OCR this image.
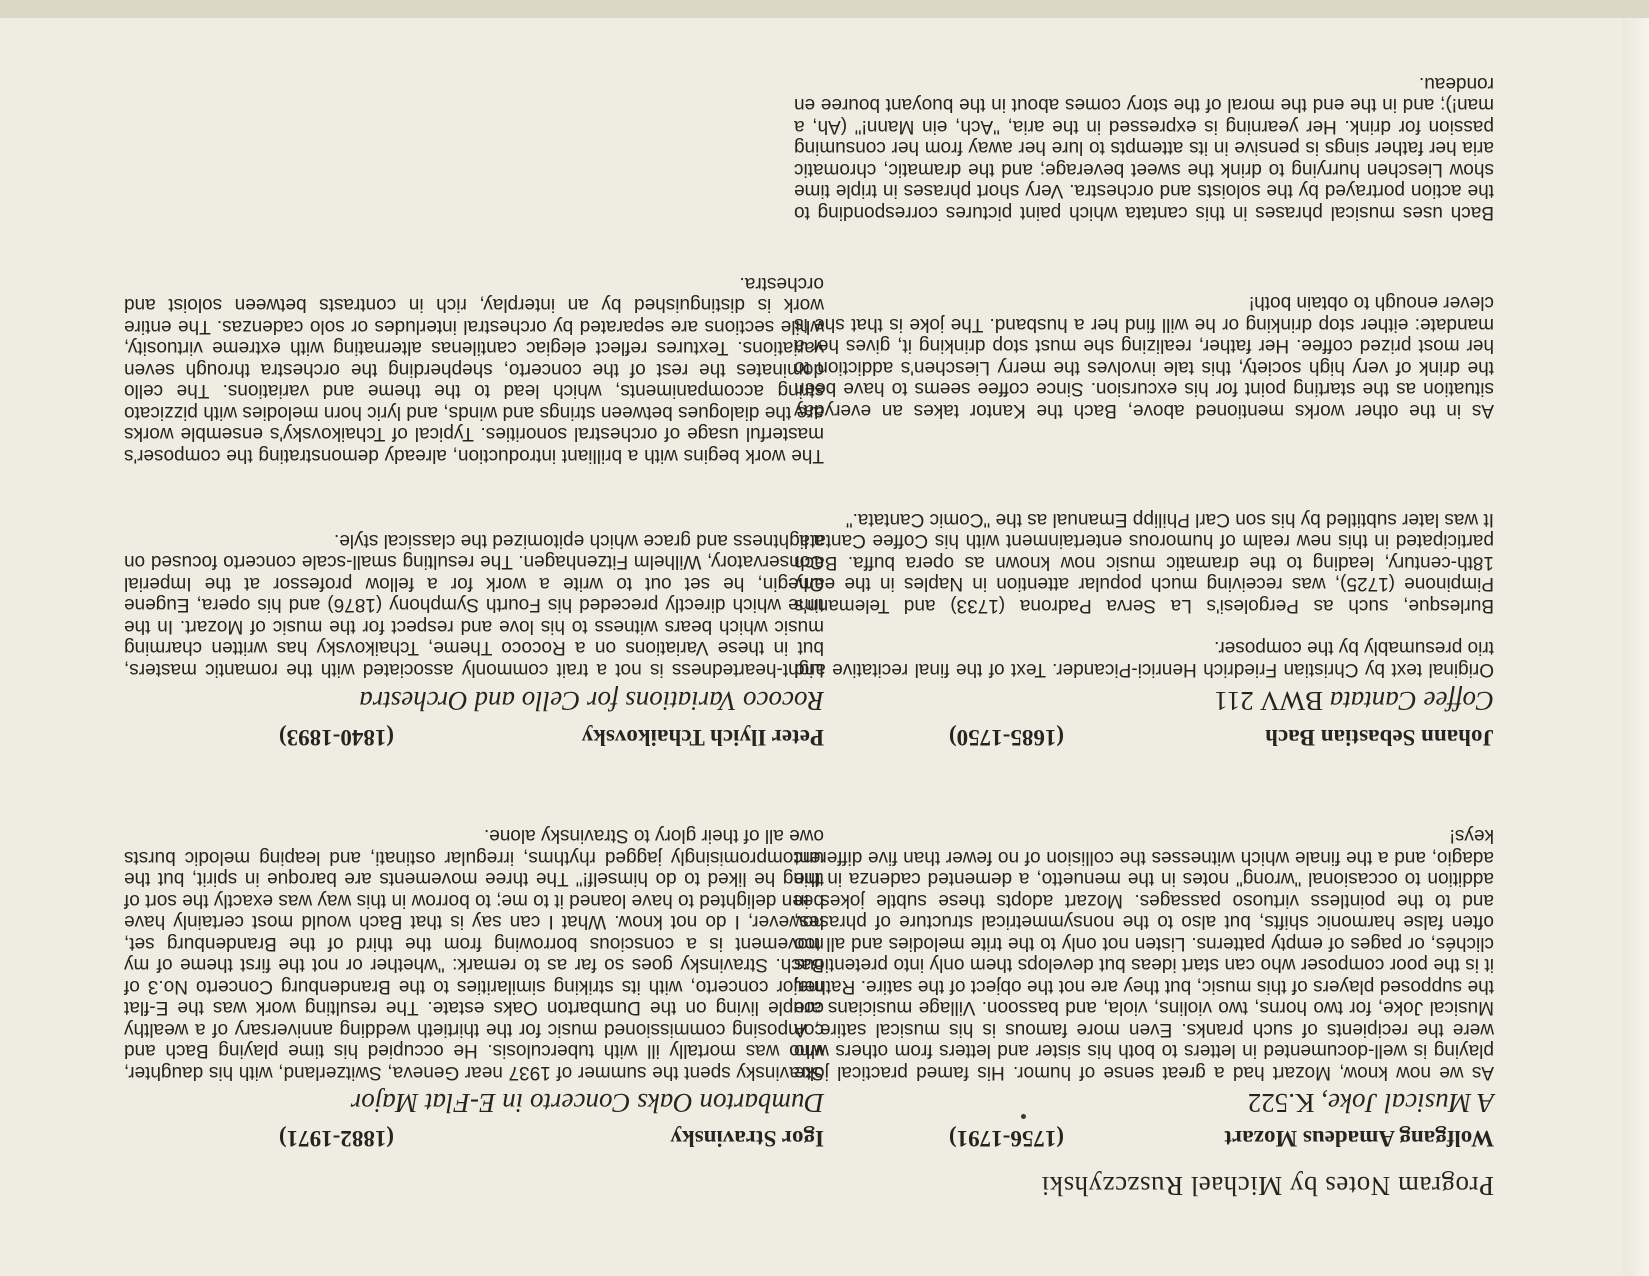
Program Notes by Michael Ruszczyhski
Wolfgang Amadeus Mozart
(1756-1791)
A Musical Joke, K.522

As we now know, Mozart had a great sense of humor. His famed practical joke playing is well-documented in letters to both his sister and letters from others who were the recipients of such pranks. Even more famous is his musical satire, A Musical Joke, for two horns, two violins, viola, and bassoon. Village musicians are the supposed players of this music, but they are not the object of the satire. Rather, it is the poor composer who can start ideas but develops them only into pretentious clichés, or pages of empty patterns. Listen not only to the trite melodies and all too often false harmonic shifts, but also to the nonsymmetrical structure of phrases, and to the pointless virtuoso passages. Mozart adopts these subtle jokes in addition to occasional "wrong" notes in the menuetto, a demented cadenza in the adagio, and a the finale which witnesses the collision of no fewer than five different keys!

Johann Sebastian Bach
(1685-1750)
Coffee Cantata BWV 211

Original text by Christian Friedrich Henrici-Picander. Text of the final recitative and trio presumably by the composer.

Burlesque, such as Pergolesi's La Serva Padrona (1733) and Telemann's Pimpinone (1725), was receiving much popular attention in Naples in the early 18th-century, leading to the dramatic music now known as opera buffa. Bach participated in this new realm of humorous entertainment with his Coffee Cantata. It was later subtitled by his son Carl Philipp Emanual as the "Comic Cantata."

As in the other works mentioned above, Bach the Kantor takes an everyday situation as the starting point for his excursion. Since coffee seems to have been the drink of very high society, this tale involves the merry Lieschen's addiction to her most prized coffee. Her father, realizing she must stop drinking it, gives her a mandate: either stop drinking or he will find her a husband. The joke is that she is clever enough to obtain both!

Bach uses musical phrases in this cantata which paint pictures corresponding to the action portrayed by the soloists and orchestra. Very short phrases in triple time show Lieschen hurrying to drink the sweet beverage; and the dramatic, chromatic aria her father sings is pensive in its attempts to lure her away from her consuming passion for drink. Her yearning is expressed in the aria, "Ach, ein Mann!" (Ah, a man!); and in the end the moral of the story comes about in the buoyant bouree en rondeau.

Igor Stravinsky
(1882-1971)
Dumbarton Oaks Concerto in E-Flat Major

Stravinsky spent the summer of 1937 near Geneva, Switzerland, with his daughter, who was mortally ill with tuberculosis. He occupied his time playing Bach and composing commissioned music for the thirtieth wedding anniversary of a wealthy couple living on the Dumbarton Oaks estate. The resulting work was the E-flat major concerto, with its striking similarities to the Brandenburg Concerto No.3 of Bach. Stravinsky goes so far as to remark: "whether or not the first theme of my movement is a conscious borrowing from the third of the Brandenburg set, however, I do not know. What I can say is that Bach would most certainly have been delighted to have loaned it to me; to borrow in this way was exactly the sort of thing he liked to do himself!" The three movements are baroque in spirit, but the uncompromisingly jagged rhythms, irregular ostinati, and leaping melodic bursts owe all of their glory to Stravinsky alone.

Peter Ilyich Tchaikovsky
(1840-1893)
Rococo Variations for Cello and Orchestra

Light-heartedness is not a trait commonly associated with the romantic masters, but in these Variations on a Rococo Theme, Tchaikovsky has written charming music which bears witness to his love and respect for the music of Mozart. In the time which directly preceded his Fourth Symphony (1876) and his opera, Eugene Onegin, he set out to write a work for a fellow professor at the Imperial Conservatory, Wilhelm Fitzenhagen. The resulting small-scale concerto focused on a lightness and grace which epitomized the classical style.

The work begins with a brilliant introduction, already demonstrating the composer's masterful usage of orchestral sonorities. Typical of Tchaikovsky's ensemble works are the dialogues between strings and winds, and lyric horn melodies with pizzicato string accompaniments, which lead to the theme and variations. The cello dominates the rest of the concerto, shepherding the orchestra through seven variations. Textures reflect elegiac cantilenas alternating with extreme virtuosity, while sections are separated by orchestral interludes or solo cadenzas. The entire work is distinguished by an interplay, rich in contrasts between soloist and orchestra.
